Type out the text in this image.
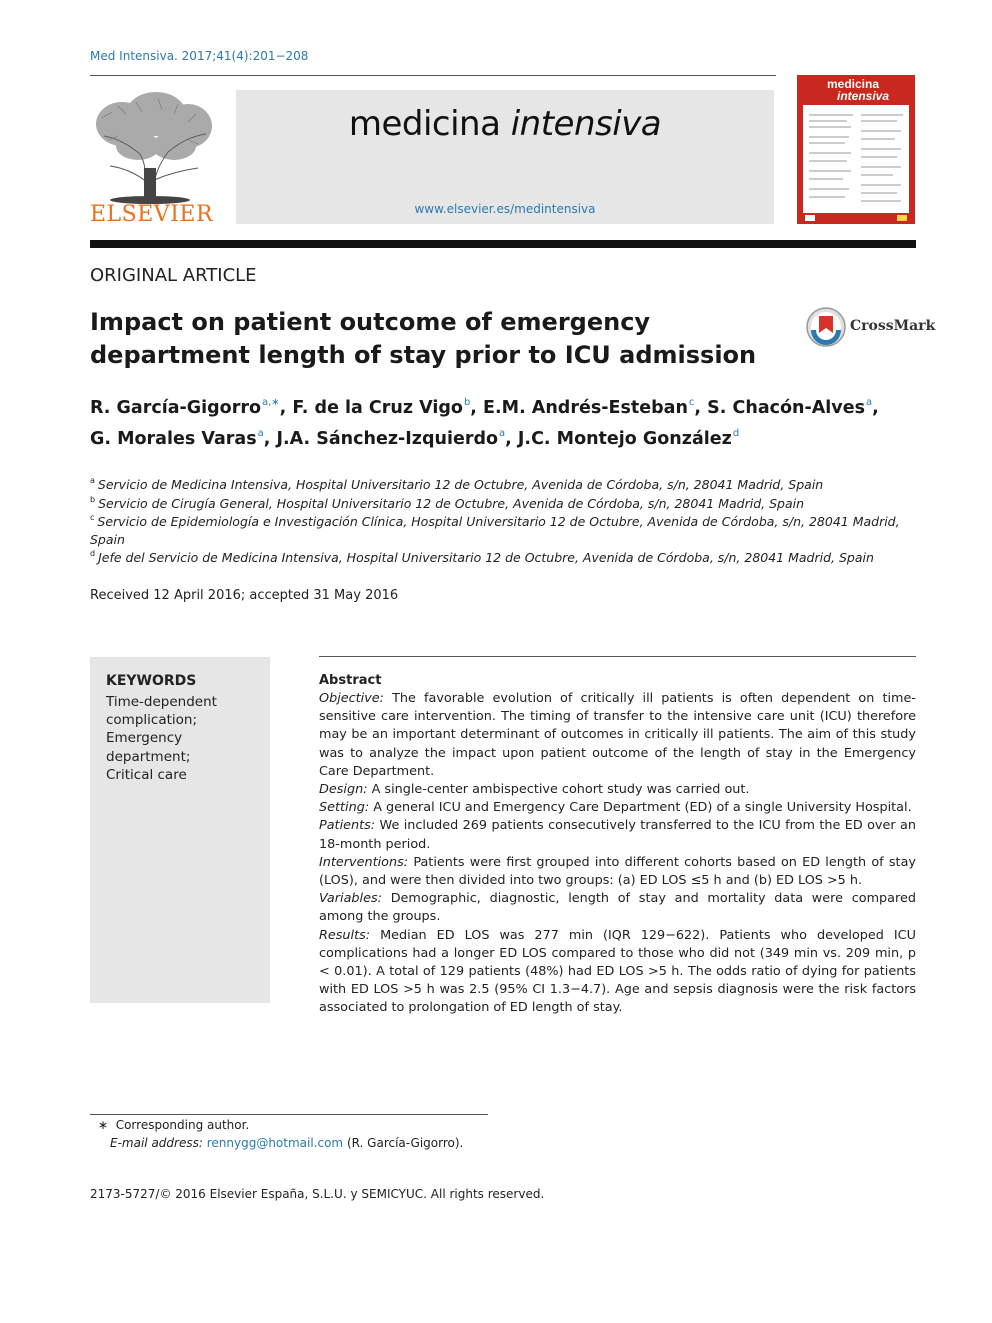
Med Intensiva. 2017;41(4):201−208
ELSEVIER
medicina intensiva
www.elsevier.es/medintensiva
medicina
intensiva
ORIGINAL ARTICLE
Impact on patient outcome of emergency department length of stay prior to ICU admission
CrossMark
R. García-Gigorro$^{a,∗}$, F. de la Cruz Vigo$^b$, E.M. Andrés-Esteban$^c$, S. Chacón-Alves$^a$,
G. Morales Varas$^a$, J.A. Sánchez-Izquierdo$^a$, J.C. Montejo González$^d$
$^a$ Servicio de Medicina Intensiva, Hospital Universitario 12 de Octubre, Avenida de Córdoba, s/n, 28041 Madrid, Spain
$^b$ Servicio de Cirugía General, Hospital Universitario 12 de Octubre, Avenida de Córdoba, s/n, 28041 Madrid, Spain
$^c$ Servicio de Epidemiología e Investigación Clínica, Hospital Universitario 12 de Octubre, Avenida de Córdoba, s/n, 28041 Madrid, Spain
$^d$ Jefe del Servicio de Medicina Intensiva, Hospital Universitario 12 de Octubre, Avenida de Córdoba, s/n, 28041 Madrid, Spain
Received 12 April 2016; accepted 31 May 2016
KEYWORDS
Time-dependent complication;
Emergency department;
Critical care
Abstract

Objective: The favorable evolution of critically ill patients is often dependent on time-sensitive care intervention. The timing of transfer to the intensive care unit (ICU) therefore may be an important determinant of outcomes in critically ill patients. The aim of this study was to analyze the impact upon patient outcome of the length of stay in the Emergency Care Department.

Design: A single-center ambispective cohort study was carried out.

Setting: A general ICU and Emergency Care Department (ED) of a single University Hospital.

Patients: We included 269 patients consecutively transferred to the ICU from the ED over an 18-month period.

Interventions: Patients were first grouped into different cohorts based on ED length of stay (LOS), and were then divided into two groups: (a) ED LOS ≤5 h and (b) ED LOS >5 h.

Variables: Demographic, diagnostic, length of stay and mortality data were compared among the groups.

Results: Median ED LOS was 277 min (IQR 129−622). Patients who developed ICU complications had a longer ED LOS compared to those who did not (349 min vs. 209 min, p < 0.01). A total of 129 patients (48%) had ED LOS >5 h. The odds ratio of dying for patients with ED LOS >5 h was 2.5 (95% CI 1.3−4.7). Age and sepsis diagnosis were the risk factors associated to prolongation of ED length of stay.

∗ Corresponding author.
E-mail address: rennygg@hotmail.com (R. García-Gigorro).
2173-5727/© 2016 Elsevier España, S.L.U. y SEMICYUC. All rights reserved.
